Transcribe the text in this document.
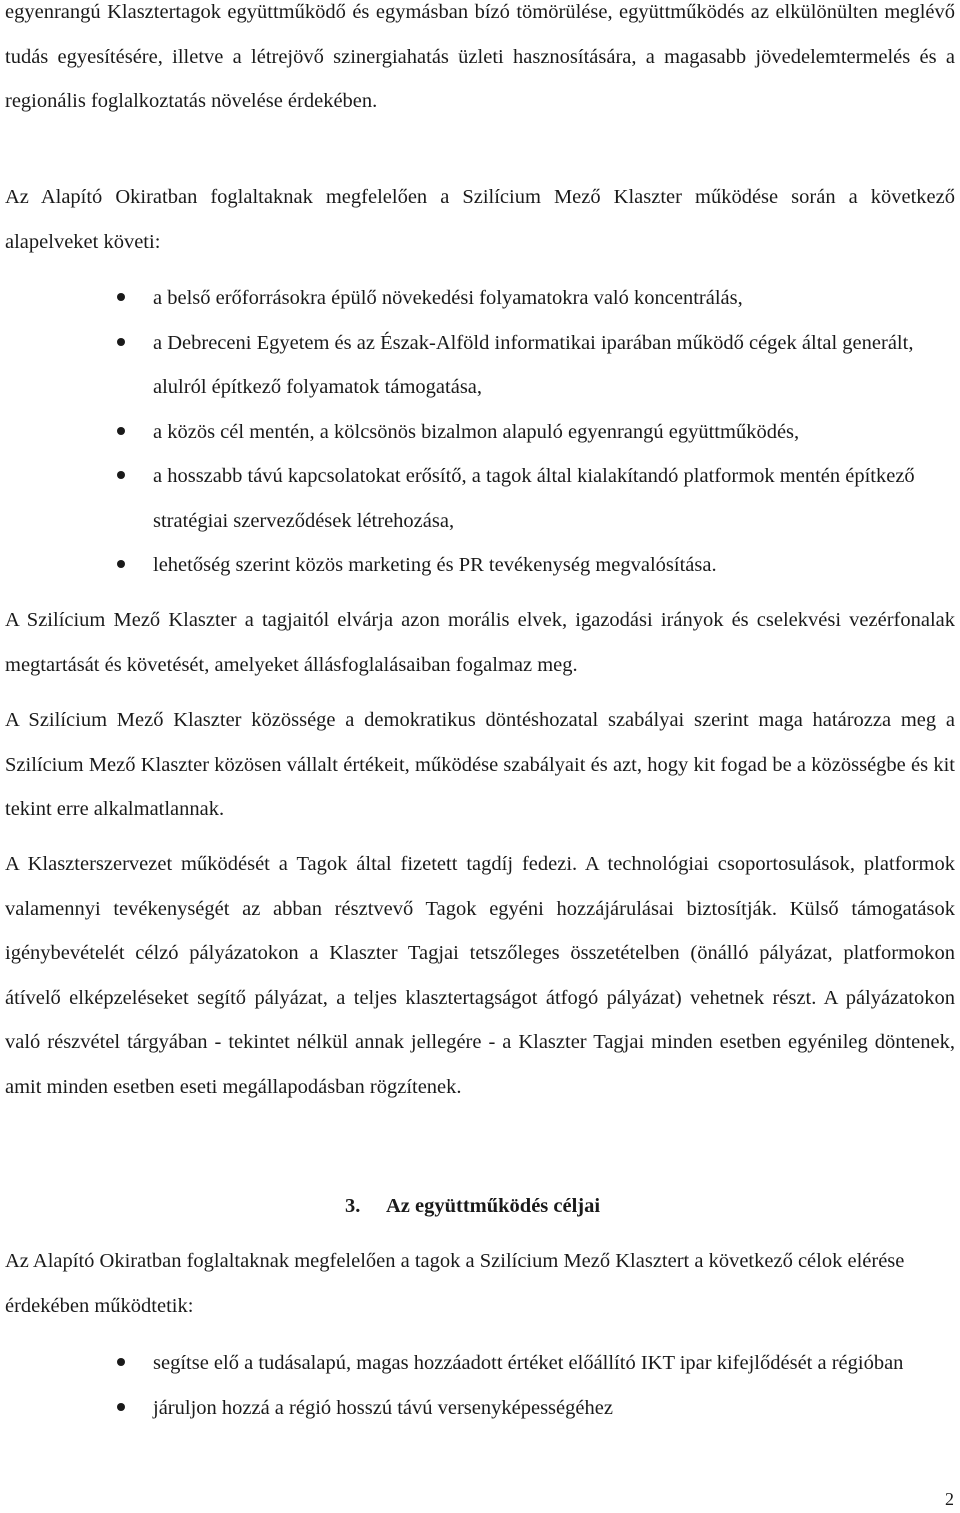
egyenrangú Klasztertagok együttműködő és egymásban bízó tömörülése, együttműködés az elkülönülten meglévő tudás egyesítésére, illetve a létrejövő szinergiahatás üzleti hasznosítására, a magasabb jövedelemtermelés és a regionális foglalkoztatás növelése érdekében.

Az Alapító Okiratban foglaltaknak megfelelően a Szilícium Mező Klaszter működése során a következő alapelveket követi:

a belső erőforrásokra épülő növekedési folyamatokra való koncentrálás,
a Debreceni Egyetem és az Észak-Alföld informatikai iparában működő cégek által generált, alulról építkező folyamatok támogatása,
a közös cél mentén, a kölcsönös bizalmon alapuló egyenrangú együttműködés,
a hosszabb távú kapcsolatokat erősítő, a tagok által kialakítandó platformok mentén építkező stratégiai szerveződések létrehozása,
lehetőség szerint közös marketing és PR tevékenység megvalósítása.

A Szilícium Mező Klaszter a tagjaitól elvárja azon morális elvek, igazodási irányok és cselekvési vezérfonalak megtartását és követését, amelyeket állásfoglalásaiban fogalmaz meg.

A Szilícium Mező Klaszter közössége a demokratikus döntéshozatal szabályai szerint maga határozza meg a Szilícium Mező Klaszter közösen vállalt értékeit, működése szabályait és azt, hogy kit fogad be a közösségbe és kit tekint erre alkalmatlannak.

A Klaszterszervezet működését a Tagok által fizetett tagdíj fedezi. A technológiai csoportosulások, platformok valamennyi tevékenységét az abban résztvevő Tagok egyéni hozzájárulásai biztosítják. Külső támogatások igénybevételét célzó pályázatokon a Klaszter Tagjai tetszőleges összetételben (önálló pályázat, platformokon átívelő elképzeléseket segítő pályázat, a teljes klasztertagságot átfogó pályázat) vehetnek részt. A pályázatokon való részvétel tárgyában - tekintet nélkül annak jellegére - a Klaszter Tagjai minden esetben egyénileg döntenek, amit minden esetben eseti megállapodásban rögzítenek.

3. Az együttműködés céljai

Az Alapító Okiratban foglaltaknak megfelelően a tagok a Szilícium Mező Klasztert a következő célok elérése érdekében működtetik:

segítse elő a tudásalapú, magas hozzáadott értéket előállító IKT ipar kifejlődését a régióban
járuljon hozzá a régió hosszú távú versenyképességéhez
2
